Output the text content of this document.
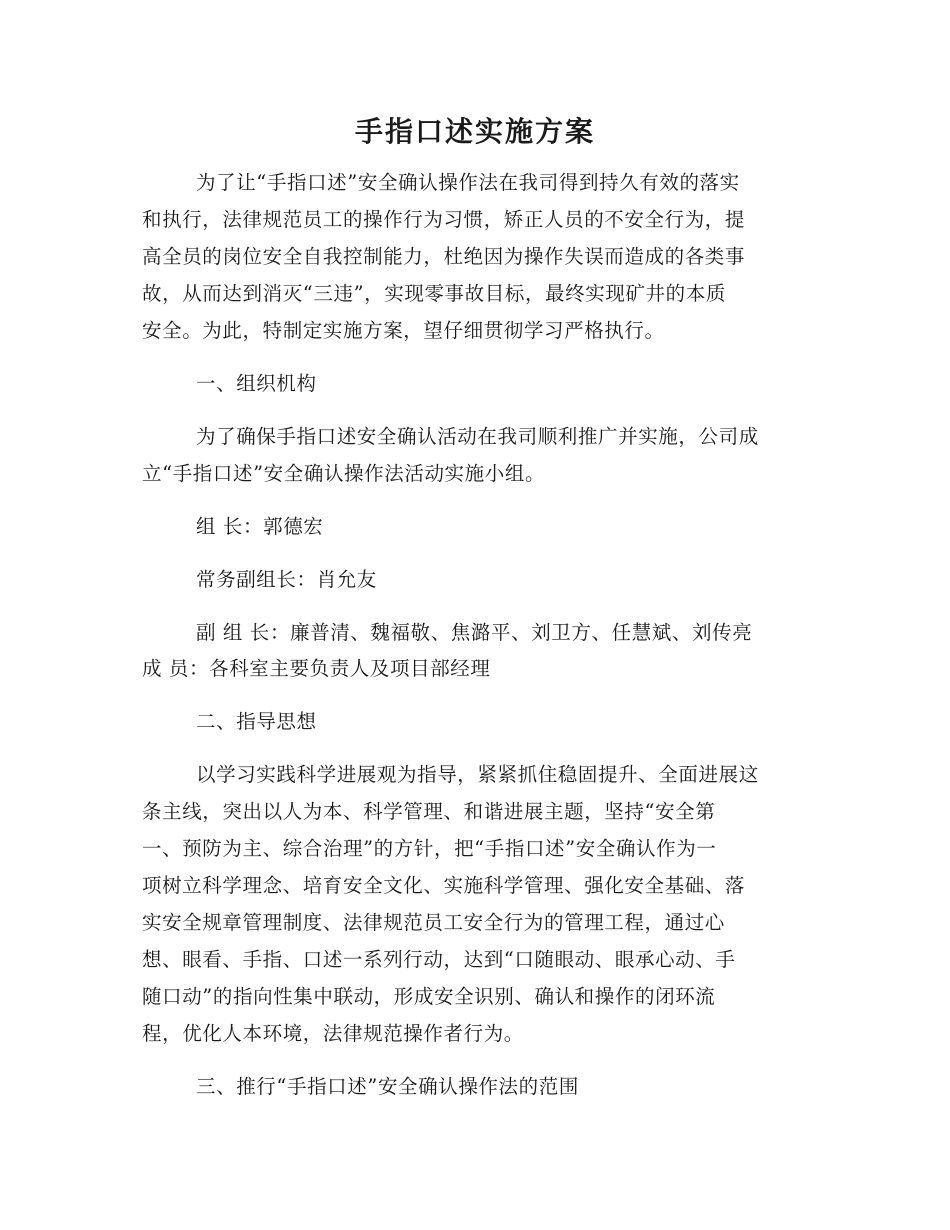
手指口述实施方案
为了让“手指口述”安全确认操作法在我司得到持久有效的落实
和执行，法律规范员工的操作行为习惯，矫正人员的不安全行为，提
高全员的岗位安全自我控制能力，杜绝因为操作失误而造成的各类事
故，从而达到消灭“三违”，实现零事故目标，最终实现矿井的本质
安全。为此，特制定实施方案，望仔细贯彻学习严格执行。
一、组织机构
为了确保手指口述安全确认活动在我司顺利推广并实施，公司成
立“手指口述”安全确认操作法活动实施小组。
组 长：郭德宏
常务副组长：肖允友
副 组 长：廉普清、魏福敬、焦潞平、刘卫方、任慧斌、刘传亮
成 员：各科室主要负责人及项目部经理
二、指导思想
以学习实践科学进展观为指导，紧紧抓住稳固提升、全面进展这
条主线，突出以人为本、科学管理、和谐进展主题，坚持“安全第
一、预防为主、综合治理”的方针，把“手指口述”安全确认作为一
项树立科学理念、培育安全文化、实施科学管理、强化安全基础、落
实安全规章管理制度、法律规范员工安全行为的管理工程，通过心
想、眼看、手指、口述一系列行动，达到“口随眼动、眼承心动、手
随口动”的指向性集中联动，形成安全识别、确认和操作的闭环流
程，优化人本环境，法律规范操作者行为。
三、推行“手指口述”安全确认操作法的范围
